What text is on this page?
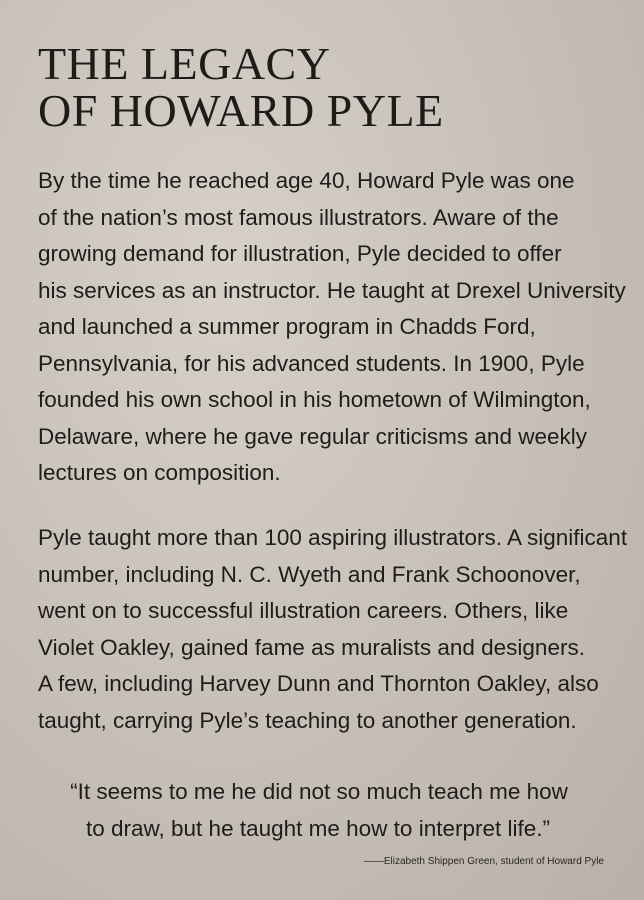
THE LEGACY
OF HOWARD PYLE

By the time he reached age 40, Howard Pyle was one
of the nation’s most famous illustrators. Aware of the
growing demand for illustration, Pyle decided to offer
his services as an instructor. He taught at Drexel University
and launched a summer program in Chadds Ford,
Pennsylvania, for his advanced students. In 1900, Pyle
founded his own school in his hometown of Wilmington,
Delaware, where he gave regular criticisms and weekly
lectures on composition.

Pyle taught more than 100 aspiring illustrators. A significant
number, including N. C. Wyeth and Frank Schoonover,
went on to successful illustration careers. Others, like
Violet Oakley, gained fame as muralists and designers.
A few, including Harvey Dunn and Thornton Oakley, also
taught, carrying Pyle’s teaching to another generation.

“It seems to me he did not so much teach me how
to draw, but he taught me how to interpret life.”

——Elizabeth Shippen Green, student of Howard Pyle
